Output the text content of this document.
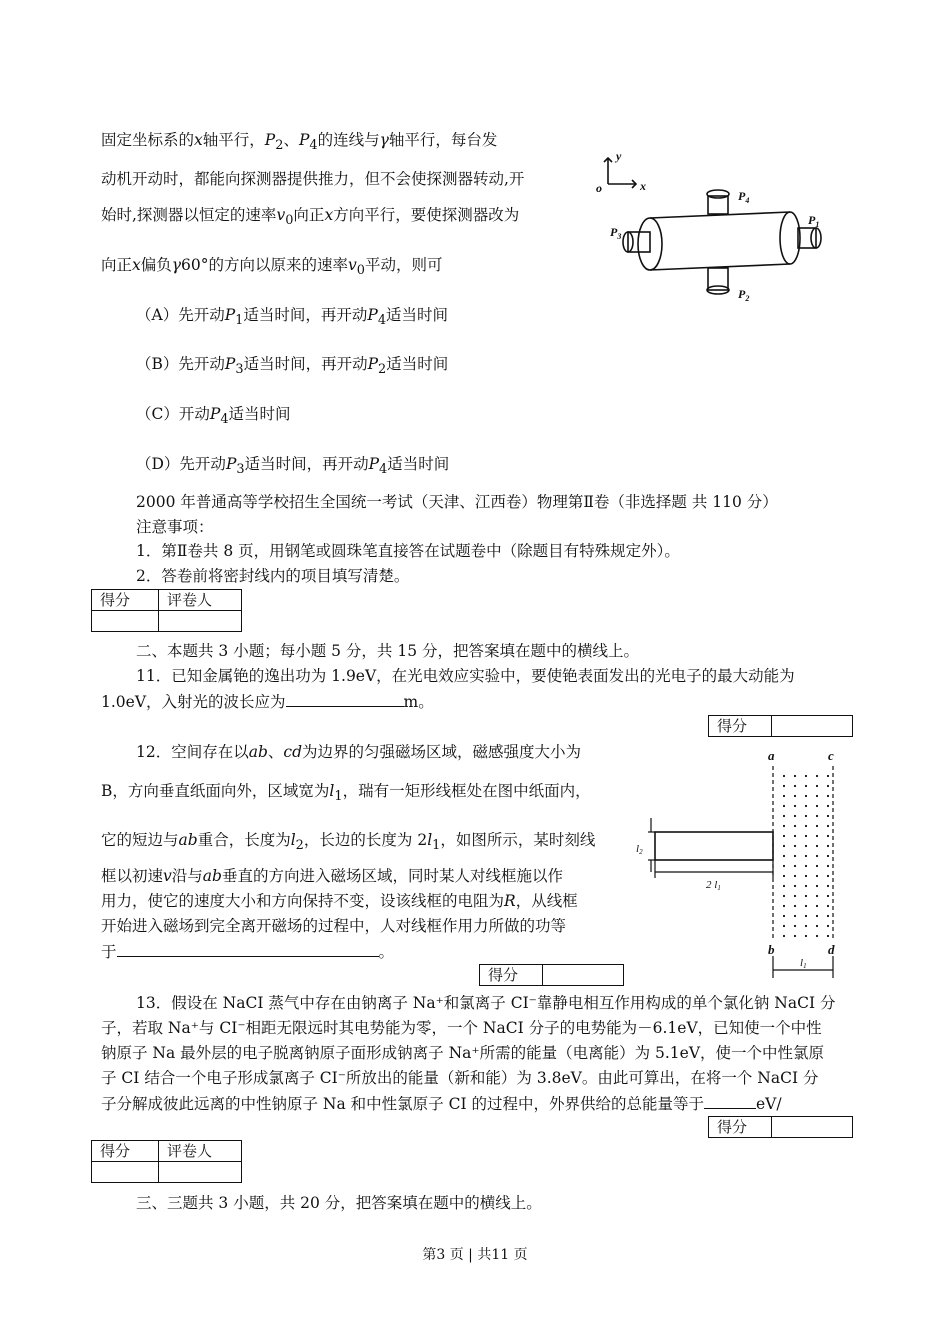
固定坐标系的x轴平行，$P_2$、$P_4$的连线与γ轴平行，每台发
动机开动时，都能向探测器提供推力，但不会使探测器转动,开
始时,探测器以恒定的速率$v_0$向正x方向平行，要使探测器改为
向正x偏负γ60°的方向以原来的速率$v_0$平动，则可
（A）先开动$P_1$适当时间，再开动$P_4$适当时间
（B）先开动$P_3$适当时间，再开动$P_2$适当时间
（C）开动$P_4$适当时间
（D）先开动$P_3$适当时间，再开动$P_4$适当时间
y
o	x
$P_4$
$P_1$
$P_3$
$P_2$
2000 年普通高等学校招生全国统一考试（天津、江西卷）物理第Ⅱ卷（非选择题 共 110 分）
注意事项：
1．第Ⅱ卷共 8 页，用钢笔或圆珠笔直接答在试题卷中（除题目有特殊规定外）。
2．答卷前将密封线内的项目填写清楚。
得分	评卷人

二、本题共 3 小题；每小题 5 分，共 15 分，把答案填在题中的横线上。
11．已知金属铯的逸出功为 1.9eV，在光电效应实验中，要使铯表面发出的光电子的最大动能为
1.0eV，入射光的波长应为	m。
得分	
12．空间存在以ab、cd为边界的匀强磁场区域，磁感强度大小为
B，方向垂直纸面向外，区域宽为$l_1$，瑞有一矩形线框处在图中纸面内，
它的短边与ab重合，长度为$l_2$，长边的长度为 $2l_1$，如图所示，某时刻线
框以初速v沿与ab垂直的方向进入磁场区域，同时某人对线框施以作
用力，使它的速度大小和方向保持不变，设该线框的电阻为R，从线框
开始进入磁场到完全离开磁场的过程中，人对线框作用力所做的功等
于	。
得分	
a	c
b	d
l2
2 l1
l1
13．假设在 NaCI 蒸气中存在由钠离子 Na⁺和氯离子 CI⁻靠静电相互作用构成的单个氯化钠 NaCI 分
子，若取 Na⁺与 CI⁻相距无限远时其电势能为零，一个 NaCI 分子的电势能为－6.1eV，已知使一个中性
钠原子 Na 最外层的电子脱离钠原子面形成钠离子 Na⁺所需的能量（电离能）为 5.1eV，使一个中性氯原
子 CI 结合一个电子形成氯离子 CI⁻所放出的能量（新和能）为 3.8eV。由此可算出，在将一个 NaCI 分
子分解成彼此远离的中性钠原子 Na 和中性氯原子 CI 的过程中，外界供给的总能量等于	eV/
得分	
得分	评卷人

三、三题共 3 小题，共 20 分，把答案填在题中的横线上。
第3 页 | 共11 页
